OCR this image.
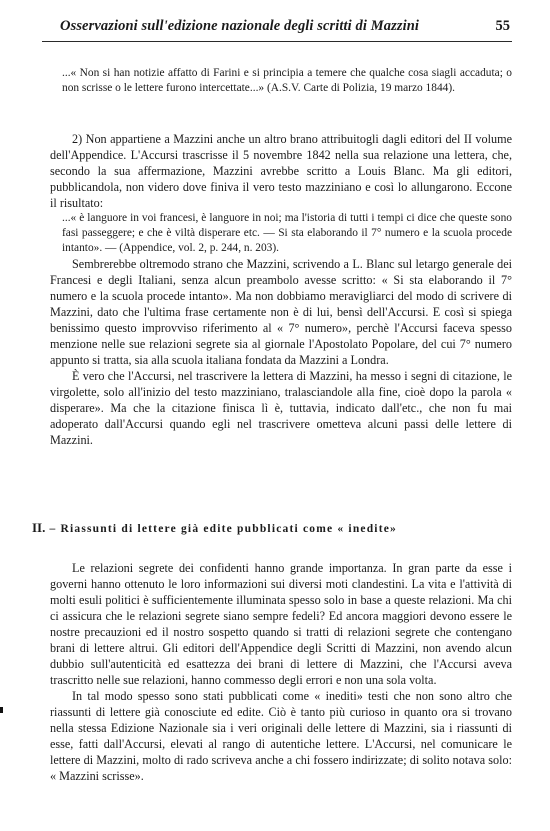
Osservazioni sull'edizione nazionale degli scritti di Mazzini	55

...« Non si han notizie affatto di Farini e si principia a temere che qualche cosa siagli accaduta; o non scrisse o le lettere furono intercettate...» (A.S.V. Carte di Polizia, 19 marzo 1844).

2) Non appartiene a Mazzini anche un altro brano attribuitogli dagli editori del II volume dell'Appendice. L'Accursi trascrisse il 5 novembre 1842 nella sua relazione una lettera, che, secondo la sua affermazione, Mazzini avrebbe scritto a Louis Blanc. Ma gli editori, pubblicandola, non videro dove finiva il vero testo mazziniano e così lo allungarono. Eccone il risultato:

...« è languore in voi francesi, è languore in noi; ma l'istoria di tutti i tempi ci dice che queste sono fasi passeggere; e che è viltà disperare etc. — Si sta elaborando il 7° numero e la scuola procede intanto». — (Appendice, vol. 2, p. 244, n. 203).

Sembrerebbe oltremodo strano che Mazzini, scrivendo a L. Blanc sul letargo generale dei Francesi e degli Italiani, senza alcun preambolo avesse scritto: « Si sta elaborando il 7° numero e la scuola procede intanto». Ma non dobbiamo meravigliarci del modo di scrivere di Mazzini, dato che l'ultima frase certamente non è di lui, bensì dell'Accursi. E così si spiega benissimo questo improvviso riferimento al « 7° numero», perchè l'Accursi faceva spesso menzione nelle sue relazioni segrete sia al giornale l'Apostolato Popolare, del cui 7° numero appunto si tratta, sia alla scuola italiana fondata da Mazzini a Londra.

È vero che l'Accursi, nel trascrivere la lettera di Mazzini, ha messo i segni di citazione, le virgolette, solo all'inizio del testo mazziniano, tralasciandole alla fine, cioè dopo la parola « disperare». Ma che la citazione finisca lì è, tuttavia, indicato dall'etc., che non fu mai adoperato dall'Accursi quando egli nel trascrivere ometteva alcuni passi delle lettere di Mazzini.

II. – Riassunti di lettere già edite pubblicati come « inedite»

Le relazioni segrete dei confidenti hanno grande importanza. In gran parte da esse i governi hanno ottenuto le loro informazioni sui diversi moti clandestini. La vita e l'attività di molti esuli politici è sufficientemente illuminata spesso solo in base a queste relazioni. Ma chi ci assicura che le relazioni segrete siano sempre fedeli? Ed ancora maggiori devono essere le nostre precauzioni ed il nostro sospetto quando si tratti di relazioni segrete che contengano brani di lettere altrui. Gli editori dell'Appendice degli Scritti di Mazzini, non avendo alcun dubbio sull'autenticità ed esattezza dei brani di lettere di Mazzini, che l'Accursi aveva trascritto nelle sue relazioni, hanno commesso degli errori e non una sola volta.

In tal modo spesso sono stati pubblicati come « inediti» testi che non sono altro che riassunti di lettere già conosciute ed edite. Ciò è tanto più curioso in quanto ora si trovano nella stessa Edizione Nazionale sia i veri originali delle lettere di Mazzini, sia i riassunti di esse, fatti dall'Accursi, elevati al rango di autentiche lettere. L'Accursi, nel comunicare le lettere di Mazzini, molto di rado scriveva anche a chi fossero indirizzate; di solito notava solo: « Mazzini scrisse».
